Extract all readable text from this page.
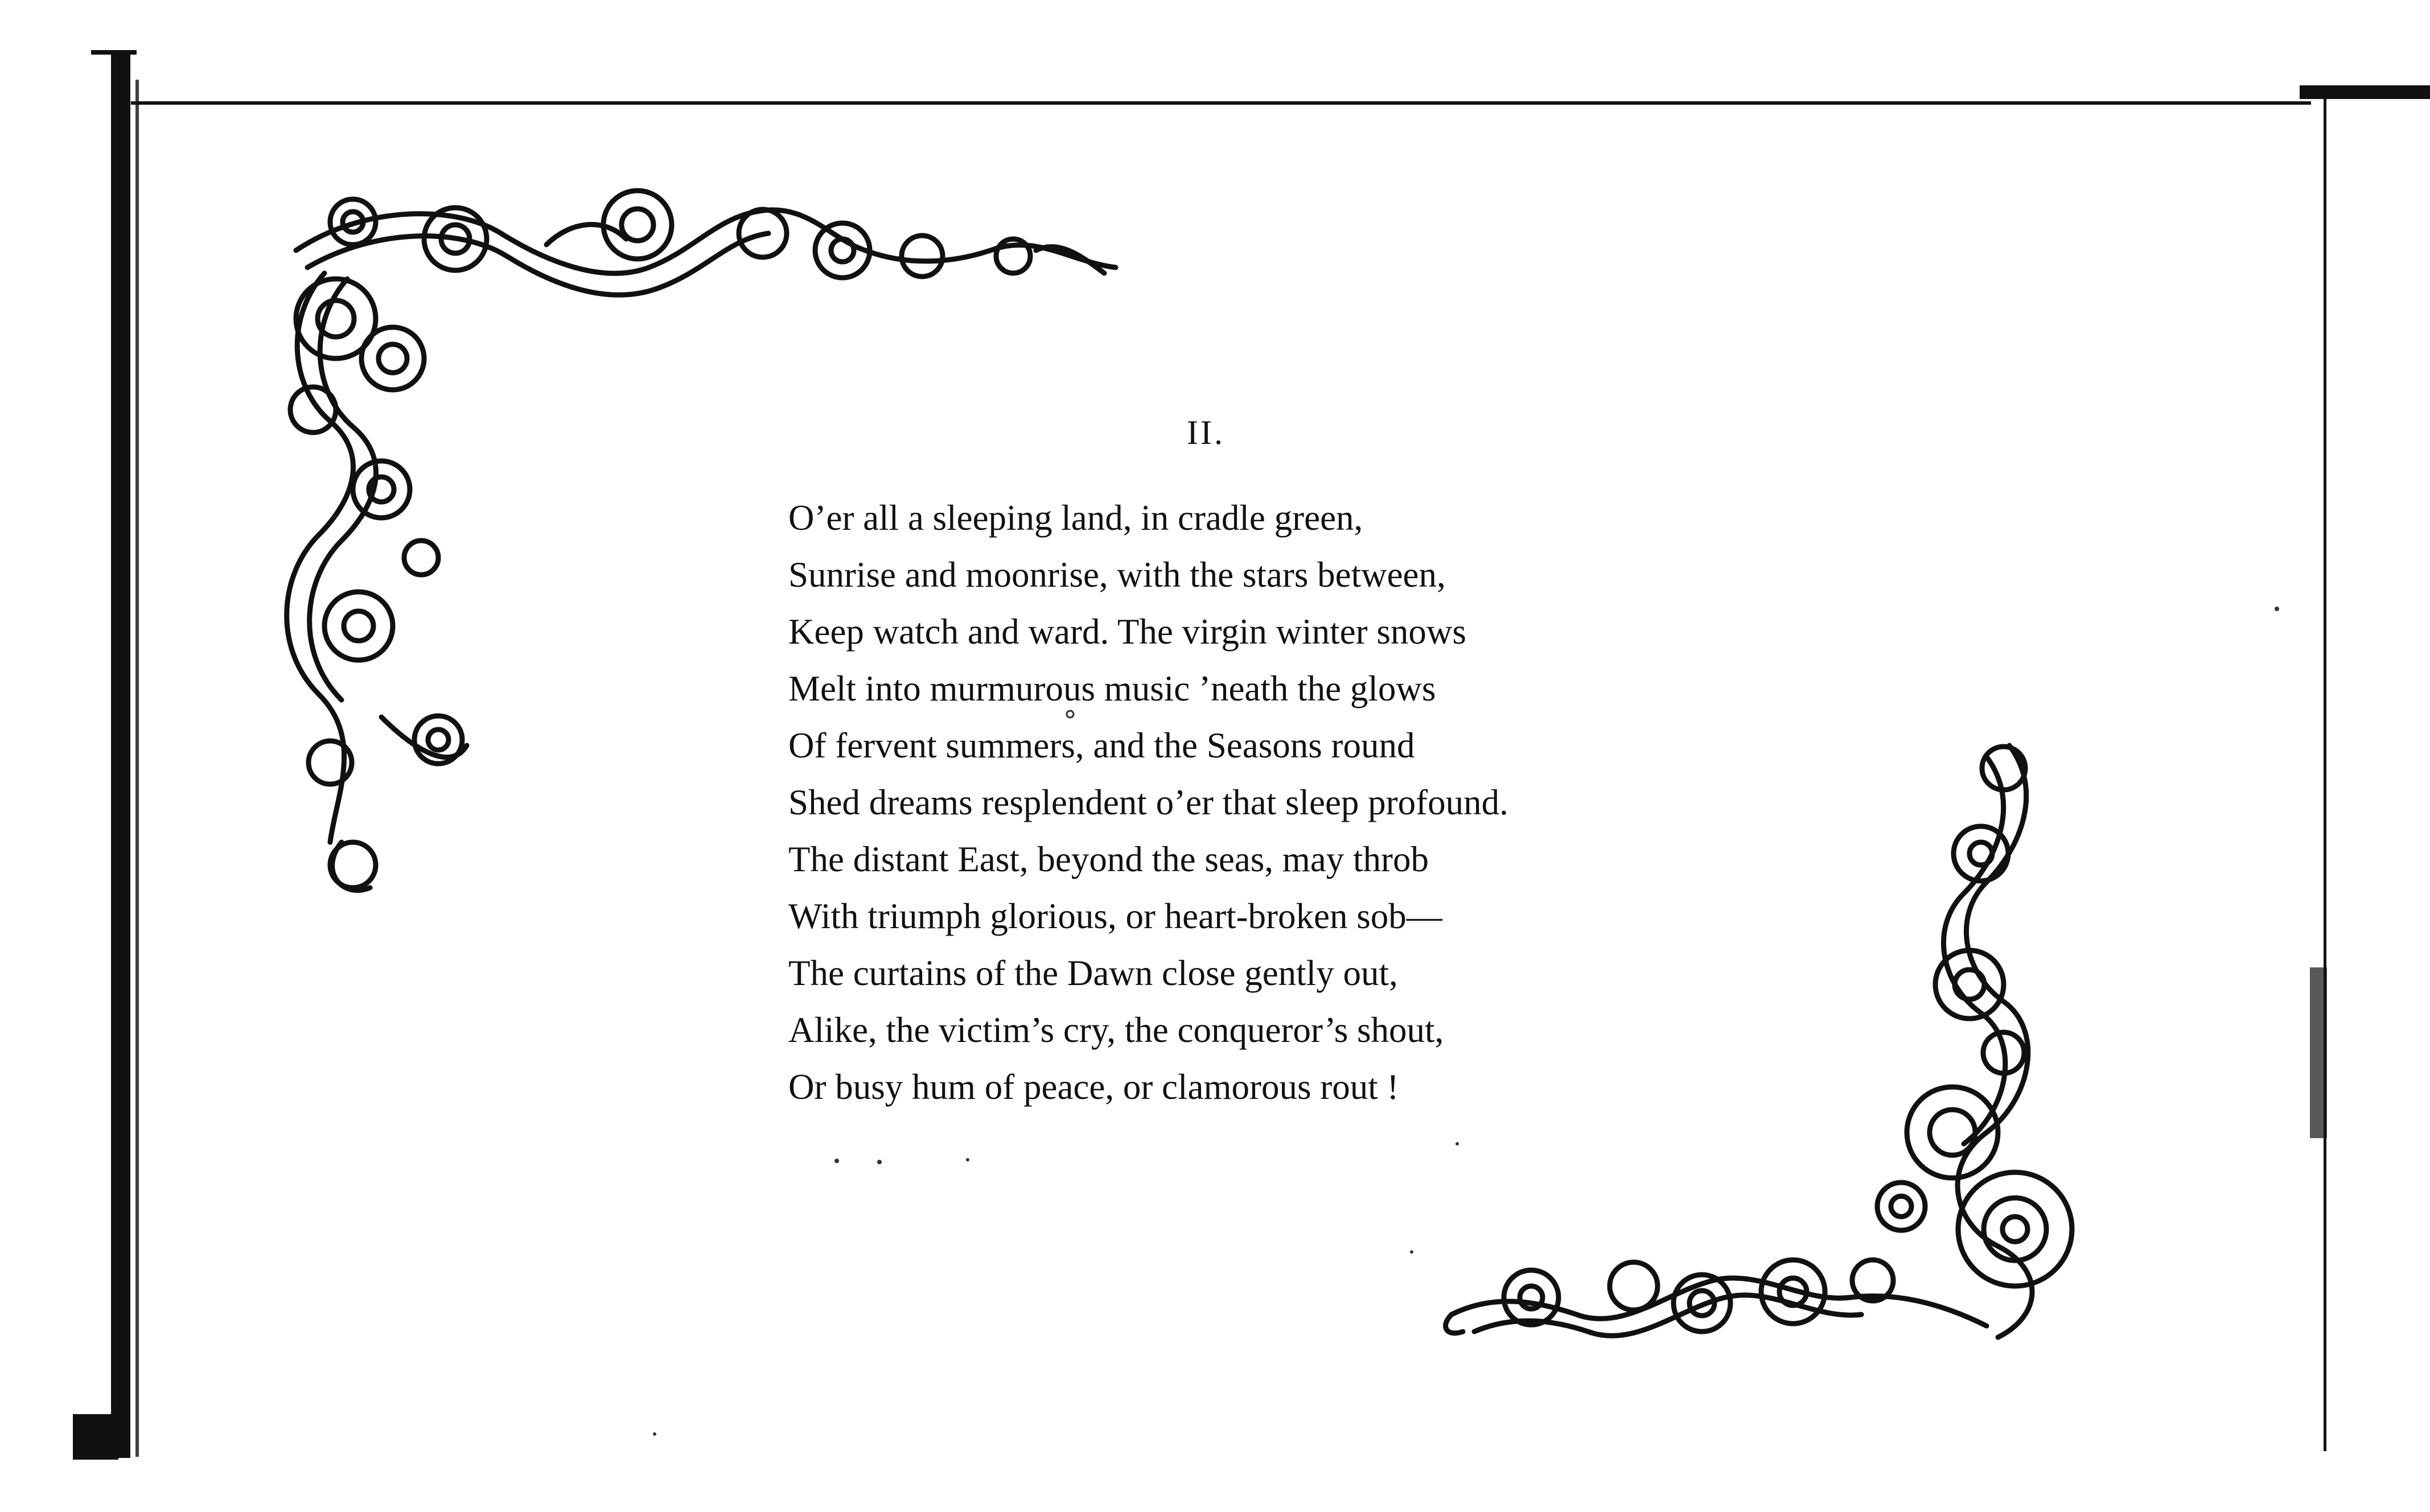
II.

O’er all a sleeping land, in cradle green,

Sunrise and moonrise, with the stars between,

Keep watch and ward. The virgin winter snows

Melt into murmurous music ’neath the glows

Of fervent summers, and the Seasons round

Shed dreams resplendent o’er that sleep profound.

The distant East, beyond the seas, may throb

With triumph glorious, or heart-broken sob—

The curtains of the Dawn close gently out,

Alike, the victim’s cry, the conqueror’s shout,

Or busy hum of peace, or clamorous rout !
